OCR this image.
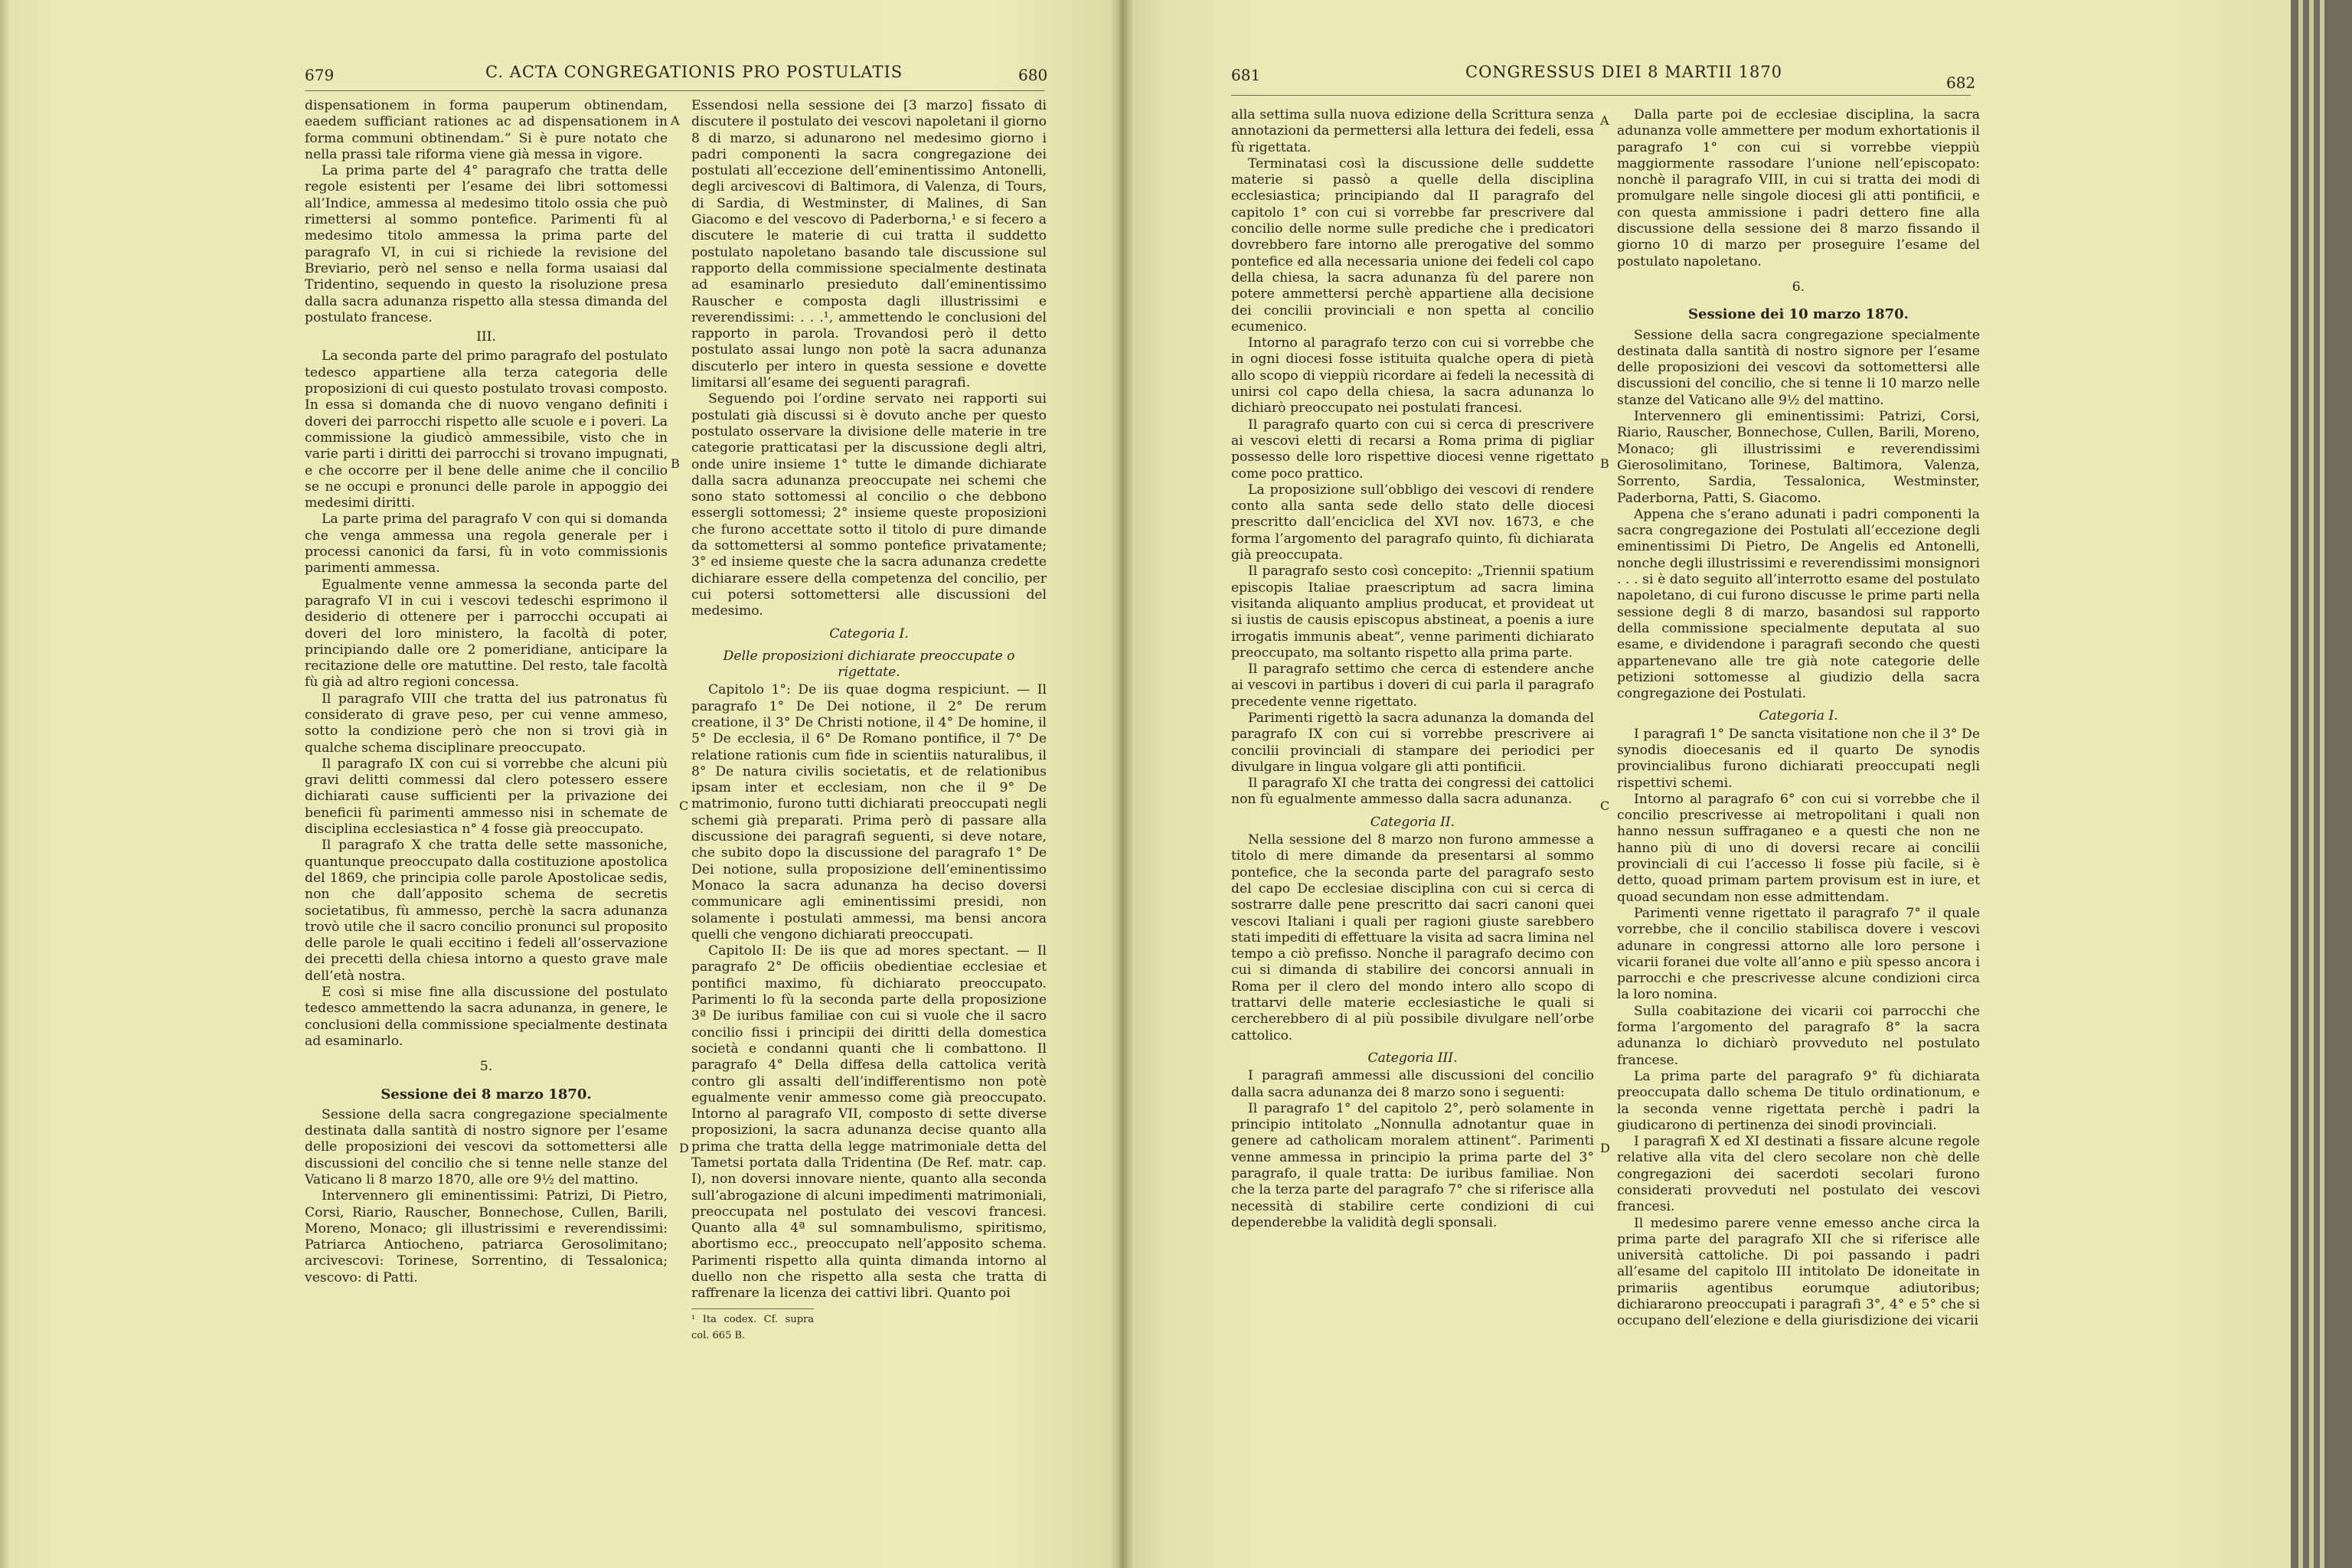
679	C. ACTA CONGREGATIONIS PRO POSTULATIS	680

dispensationem in forma pauperum obtinendam, eaedem sufficiant rationes ac ad dispensationem in forma communi obtinendam.“ Si è pure notato che nella prassi tale riforma viene già messa in vigore.

La prima parte del 4° paragrafo che tratta delle regole esistenti per l’esame dei libri sottomessi all’Indice, ammessa al medesimo titolo ossia che può rimettersi al sommo pontefice. Parimenti fù al medesimo titolo ammessa la prima parte del paragrafo VI, in cui si richiede la revisione del Breviario, però nel senso e nella forma usaiasi dal Tridentino, sequendo in questo la risoluzione presa dalla sacra adunanza rispetto alla stessa dimanda del postulato francese.

III.

La seconda parte del primo paragrafo del postulato tedesco appartiene alla terza categoria delle proposizioni di cui questo postulato trovasi composto. In essa si domanda che di nuovo vengano definiti i doveri dei parrocchi rispetto alle scuole e i poveri. La commissione la giudicò ammessibile, visto che in varie parti i diritti dei parrocchi si trovano impugnati, e che occorre per il bene delle anime che il concilio se ne occupi e pronunci delle parole in appoggio dei medesimi diritti.

La parte prima del paragrafo V con qui si domanda che venga ammessa una regola generale per i processi canonici da farsi, fù in voto commissionis parimenti ammessa.

Egualmente venne ammessa la seconda parte del paragrafo VI in cui i vescovi tedeschi esprimono il desiderio di ottenere per i parrocchi occupati ai doveri del loro ministero, la facoltà di poter, principiando dalle ore 2 pomeridiane, anticipare la recitazione delle ore matuttine. Del resto, tale facoltà fù già ad altro regioni concessa.

Il paragrafo VIII che tratta del ius patronatus fù considerato di grave peso, per cui venne ammeso, sotto la condizione però che non si trovi già in qualche schema disciplinare preoccupato.

Il paragrafo IX con cui si vorrebbe che alcuni più gravi delitti commessi dal clero potessero essere dichiarati cause sufficienti per la privazione dei beneficii fù parimenti ammesso nisi in schemate de disciplina ecclesiastica n° 4 fosse già preoccupato.

Il paragrafo X che tratta delle sette massoniche, quantunque preoccupato dalla costituzione apostolica del 1869, che principia colle parole Apostolicae sedis, non che dall’apposito schema de secretis societatibus, fù ammesso, perchè la sacra adunanza trovò utile che il sacro concilio pronunci sul proposito delle parole le quali eccitino i fedeli all’osservazione dei precetti della chiesa intorno a questo grave male dell’età nostra.

E così si mise fine alla discussione del postulato tedesco ammettendo la sacra adunanza, in genere, le conclusioni della commissione specialmente destinata ad esaminarlo.

5.
Sessione dei 8 marzo 1870.

Sessione della sacra congregazione specialmente destinata dalla santità di nostro signore per l’esame delle proposizioni dei vescovi da sottomettersi alle discussioni del concilio che si tenne nelle stanze del Vaticano li 8 marzo 1870, alle ore 9½ del mattino.

Intervennero gli eminentissimi: Patrizi, Di Pietro, Corsi, Riario, Rauscher, Bonnechose, Cullen, Barili, Moreno, Monaco; gli illustrissimi e reverendissimi: Patriarca Antiocheno, patriarca Gerosolimitano; arcivescovi: Torinese, Sorrentino, di Tessalonica; vescovo: di Patti.

Essendosi nella sessione dei [3 marzo] fissato di discutere il postulato dei vescovi napoletani il giorno 8 di marzo, si adunarono nel medesimo giorno i padri componenti la sacra congregazione dei postulati all’eccezione dell’eminentissimo Antonelli, degli arcivescovi di Baltimora, di Valenza, di Tours, di Sardia, di Westminster, di Malines, di San Giacomo e del vescovo di Paderborna,¹ e si fecero a discutere le materie di cui tratta il suddetto postulato napoletano basando tale discussione sul rapporto della commissione specialmente destinata ad esaminarlo presieduto dall’eminentissimo Rauscher e composta dagli illustrissimi e reverendissimi: . . .¹, ammettendo le conclusioni del rapporto in parola. Trovandosi però il detto postulato assai lungo non potè la sacra adunanza discuterlo per intero in questa sessione e dovette limitarsi all’esame dei seguenti paragrafi.

Seguendo poi l’ordine servato nei rapporti sui postulati già discussi si è dovuto anche per questo postulato osservare la divisione delle materie in tre categorie pratticatasi per la discussione degli altri, onde unire insieme 1° tutte le dimande dichiarate dalla sacra adunanza preoccupate nei schemi che sono stato sottomessi al concilio o che debbono essergli sottomessi; 2° insieme queste proposizioni che furono accettate sotto il titolo di pure dimande da sottomettersi al sommo pontefice privatamente; 3° ed insieme queste che la sacra adunanza credette dichiarare essere della competenza del concilio, per cui potersi sottomettersi alle discussioni del medesimo.

Categoria I.
Delle proposizioni dichiarate preoccupate o rigettate.

Capitolo 1°: De iis quae dogma respiciunt. — Il paragrafo 1° De Dei notione, il 2° De rerum creatione, il 3° De Christi notione, il 4° De homine, il 5° De ecclesia, il 6° De Romano pontifice, il 7° De relatione rationis cum fide in scientiis naturalibus, il 8° De natura civilis societatis, et de relationibus ipsam inter et ecclesiam, non che il 9° De matrimonio, furono tutti dichiarati preoccupati negli schemi già preparati. Prima però di passare alla discussione dei paragrafi seguenti, si deve notare, che subito dopo la discussione del paragrafo 1° De Dei notione, sulla proposizione dell’eminentissimo Monaco la sacra adunanza ha deciso doversi communicare agli eminentissimi presidi, non solamente i postulati ammessi, ma bensi ancora quelli che vengono dichiarati preoccupati.

Capitolo II: De iis que ad mores spectant. — Il paragrafo 2° De officiis obedientiae ecclesiae et pontifici maximo, fù dichiarato preoccupato. Parimenti lo fù la seconda parte della proposizione 3ª De iuribus familiae con cui si vuole che il sacro concilio fissi i principii dei diritti della domestica società e condanni quanti che li combattono. Il paragrafo 4° Della diffesa della cattolica verità contro gli assalti dell’indifferentismo non potè egualmente venir ammesso come già preoccupato. Intorno al paragrafo VII, composto di sette diverse proposizioni, la sacra adunanza decise quanto alla prima che tratta della legge matrimoniale detta del Tametsi portata dalla Tridentina (De Ref. matr. cap. I), non doversi innovare niente, quanto alla seconda sull’abrogazione di alcuni impedimenti matrimoniali, preoccupata nel postulato dei vescovi francesi. Quanto alla 4ª sul somnambulismo, spiritismo, abortismo ecc., preoccupato nell’apposito schema. Parimenti rispetto alla quinta dimanda intorno al duello non che rispetto alla sesta che tratta di raffrenare la licenza dei cattivi libri. Quanto poi

¹ Ita codex. Cf. supra col. 665 B.
A
B
C
D
681	CONGRESSUS DIEI 8 MARTII 1870
682

alla settima sulla nuova edizione della Scrittura senza annotazioni da permettersi alla lettura dei fedeli, essa fù rigettata.

Terminatasi così la discussione delle suddette materie si passò a quelle della disciplina ecclesiastica; principiando dal II paragrafo del capitolo 1° con cui si vorrebbe far prescrivere dal concilio delle norme sulle prediche che i predicatori dovrebbero fare intorno alle prerogative del sommo pontefice ed alla necessaria unione dei fedeli col capo della chiesa, la sacra adunanza fù del parere non potere ammettersi perchè appartiene alla decisione dei concilii provinciali e non spetta al concilio ecumenico.

Intorno al paragrafo terzo con cui si vorrebbe che in ogni diocesi fosse istituita qualche opera di pietà allo scopo di vieppiù ricordare ai fedeli la necessità di unirsi col capo della chiesa, la sacra adunanza lo dichiarò preoccupato nei postulati francesi.

Il paragrafo quarto con cui si cerca di prescrivere ai vescovi eletti di recarsi a Roma prima di pigliar possesso delle loro rispettive diocesi venne rigettato come poco prattico.

La proposizione sull’obbligo dei vescovi di rendere conto alla santa sede dello stato delle diocesi prescritto dall’enciclica del XVI nov. 1673, e che forma l’argomento del paragrafo quinto, fù dichiarata già preoccupata.

Il paragrafo sesto così concepito: „Triennii spatium episcopis Italiae praescriptum ad sacra limina visitanda aliquanto amplius producat, et provideat ut si iustis de causis episcopus abstineat, a poenis a iure irrogatis immunis abeat“, venne parimenti dichiarato preoccupato, ma soltanto rispetto alla prima parte.

Il paragrafo settimo che cerca di estendere anche ai vescovi in partibus i doveri di cui parla il paragrafo precedente venne rigettato.

Parimenti rigettò la sacra adunanza la domanda del paragrafo IX con cui si vorrebbe prescrivere ai concilii provinciali di stampare dei periodici per divulgare in lingua volgare gli atti pontificii.

Il paragrafo XI che tratta dei congressi dei cattolici non fù egualmente ammesso dalla sacra adunanza.

Categoria II.

Nella sessione del 8 marzo non furono ammesse a titolo di mere dimande da presentarsi al sommo pontefice, che la seconda parte del paragrafo sesto del capo De ecclesiae disciplina con cui si cerca di sostrarre dalle pene prescritto dai sacri canoni quei vescovi Italiani i quali per ragioni giuste sarebbero stati impediti di effettuare la visita ad sacra limina nel tempo a ciò prefisso. Nonche il paragrafo decimo con cui si dimanda di stabilire dei concorsi annuali in Roma per il clero del mondo intero allo scopo di trattarvi delle materie ecclesiastiche le quali si cercherebbero di al più possibile divulgare nell’orbe cattolico.

Categoria III.

I paragrafi ammessi alle discussioni del concilio dalla sacra adunanza dei 8 marzo sono i seguenti:

Il paragrafo 1° del capitolo 2°, però solamente in principio intitolato „Nonnulla adnotantur quae in genere ad catholicam moralem attinent“. Parimenti venne ammessa in principio la prima parte del 3° paragrafo, il quale tratta: De iuribus familiae. Non che la terza parte del paragrafo 7° che si riferisce alla necessità di stabilire certe condizioni di cui dependerebbe la validità degli sponsali.

Dalla parte poi de ecclesiae disciplina, la sacra adunanza volle ammettere per modum exhortationis il paragrafo 1° con cui si vorrebbe vieppiù maggiormente rassodare l’unione nell’episcopato: nonchè il paragrafo VIII, in cui si tratta dei modi di promulgare nelle singole diocesi gli atti pontificii, e con questa ammissione i padri dettero fine alla discussione della sessione dei 8 marzo fissando il giorno 10 di marzo per proseguire l’esame del postulato napoletano.

6.
Sessione dei 10 marzo 1870.

Sessione della sacra congregazione specialmente destinata dalla santità di nostro signore per l’esame delle proposizioni dei vescovi da sottomettersi alle discussioni del concilio, che si tenne li 10 marzo nelle stanze del Vaticano alle 9½ del mattino.

Intervennero gli eminentissimi: Patrizi, Corsi, Riario, Rauscher, Bonnechose, Cullen, Barili, Moreno, Monaco; gli illustrissimi e reverendissimi Gierosolimitano, Torinese, Baltimora, Valenza, Sorrento, Sardia, Tessalonica, Westminster, Paderborna, Patti, S. Giacomo.

Appena che s’erano adunati i padri componenti la sacra congregazione dei Postulati all’eccezione degli eminentissimi Di Pietro, De Angelis ed Antonelli, nonche degli illustrissimi e reverendissimi monsignori . . . si è dato seguito all’interrotto esame del postulato napoletano, di cui furono discusse le prime parti nella sessione degli 8 di marzo, basandosi sul rapporto della commissione specialmente deputata al suo esame, e dividendone i paragrafi secondo che questi appartenevano alle tre già note categorie delle petizioni sottomesse al giudizio della sacra congregazione dei Postulati.

Categoria I.

I paragrafi 1° De sancta visitatione non che il 3° De synodis dioecesanis ed il quarto De synodis provincialibus furono dichiarati preoccupati negli rispettivi schemi.

Intorno al paragrafo 6° con cui si vorrebbe che il concilio prescrivesse ai metropolitani i quali non hanno nessun suffraganeo e a questi che non ne hanno più di uno di doversi recare ai concilii provinciali di cui l’accesso li fosse più facile, si è detto, quoad primam partem provisum est in iure, et quoad secundam non esse admittendam.

Parimenti venne rigettato il paragrafo 7° il quale vorrebbe, che il concilio stabilisca dovere i vescovi adunare in congressi attorno alle loro persone i vicarii foranei due volte all’anno e più spesso ancora i parrocchi e che prescrivesse alcune condizioni circa la loro nomina.

Sulla coabitazione dei vicarii coi parrocchi che forma l’argomento del paragrafo 8° la sacra adunanza lo dichiarò provveduto nel postulato francese.

La prima parte del paragrafo 9° fù dichiarata preoccupata dallo schema De titulo ordinationum, e la seconda venne rigettata perchè i padri la giudicarono di pertinenza dei sinodi provinciali.

I paragrafi X ed XI destinati a fissare alcune regole relative alla vita del clero secolare non chè delle congregazioni dei sacerdoti secolari furono considerati provveduti nel postulato dei vescovi francesi.

Il medesimo parere venne emesso anche circa la prima parte del paragrafo XII che si riferisce alle università cattoliche. Di poi passando i padri all’esame del capitolo III intitolato De idoneitate in primariis agentibus eorumque adiutoribus; dichiararono preoccupati i paragrafi 3°, 4° e 5° che si occupano dell’elezione e della giurisdizione dei vicarii

A
B
C
D
